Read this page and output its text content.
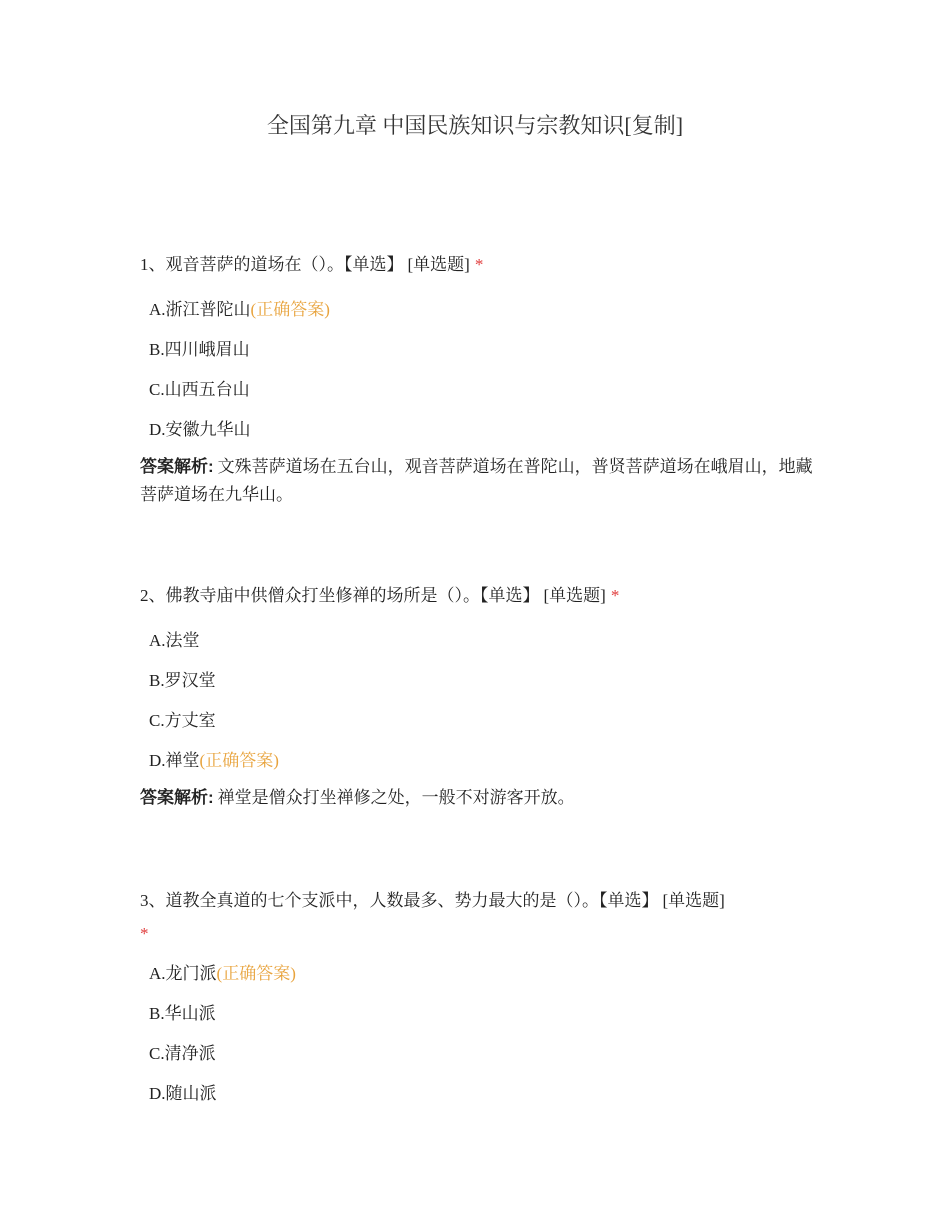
全国第九章 中国民族知识与宗教知识[复制]
1、观音菩萨的道场在（）。【单选】 [单选题] *
A.浙江普陀山(正确答案)
B.四川峨眉山
C.山西五台山
D.安徽九华山
答案解析: 文殊菩萨道场在五台山，观音菩萨道场在普陀山，普贤菩萨道场在峨眉山，地藏菩萨道场在九华山。
2、佛教寺庙中供僧众打坐修禅的场所是（）。【单选】 [单选题] *
A.法堂
B.罗汉堂
C.方丈室
D.禅堂(正确答案)
答案解析: 禅堂是僧众打坐禅修之处，一般不对游客开放。
3、道教全真道的七个支派中，人数最多、势力最大的是（）。【单选】 [单选题]
*
A.龙门派(正确答案)
B.华山派
C.清净派
D.随山派
